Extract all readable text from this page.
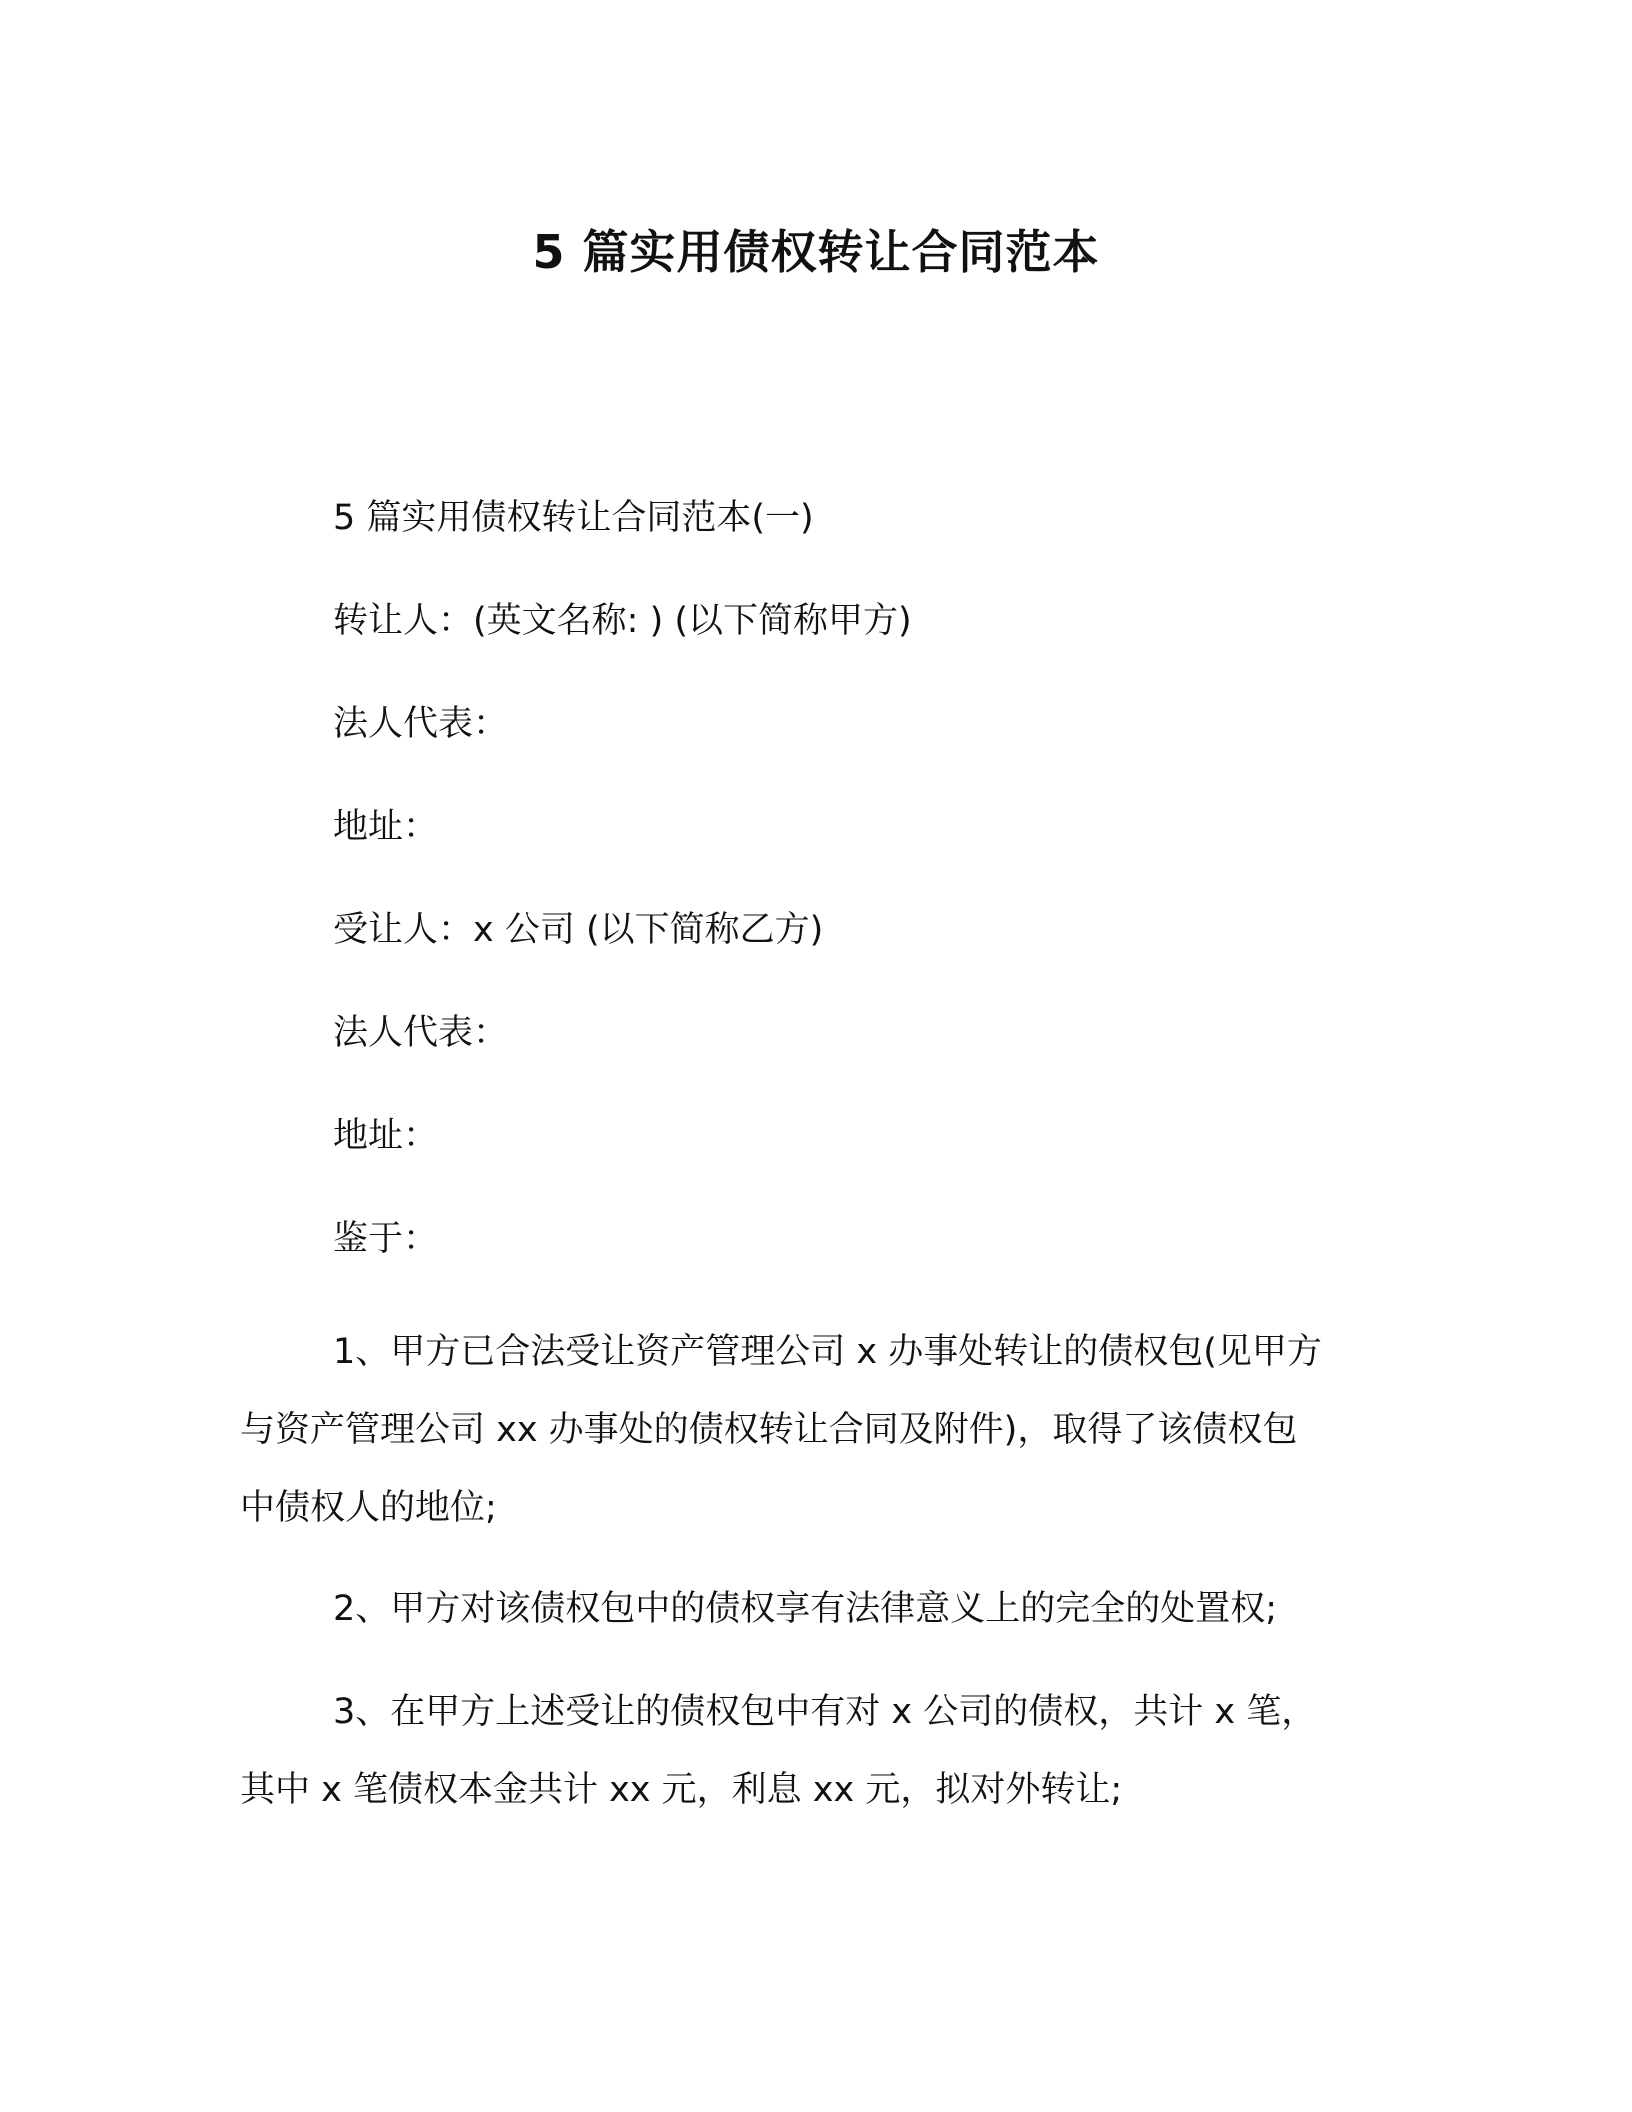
5 篇实用债权转让合同范本
5 篇实用债权转让合同范本(一)
转让人：(英文名称: ) (以下简称甲方)
法人代表：
地址：
受让人：x 公司 (以下简称乙方)
法人代表：
地址：
鉴于：
1、甲方已合法受让资产管理公司 x 办事处转让的债权包(见甲方
与资产管理公司 xx 办事处的债权转让合同及附件)，取得了该债权包
中债权人的地位;
2、甲方对该债权包中的债权享有法律意义上的完全的处置权;
3、在甲方上述受让的债权包中有对 x 公司的债权，共计 x 笔，
其中 x 笔债权本金共计 xx 元，利息 xx 元，拟对外转让;
